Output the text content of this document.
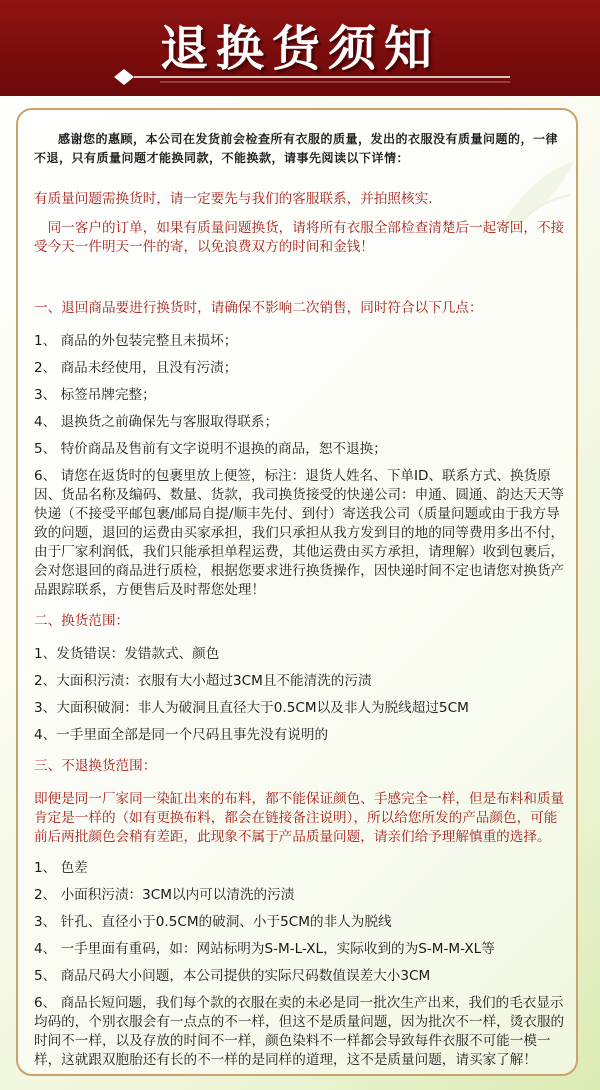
退换货须知

感谢您的惠顾，本公司在发货前会检查所有衣服的质量，发出的衣服没有质量问题的，一律不退，只有质量问题才能换同款，不能换款，请事先阅读以下详情：

有质量问题需换货时，请一定要先与我们的客服联系，并拍照核实.

同一客户的订单，如果有质量问题换货，请将所有衣服全部检查清楚后一起寄回，不接受今天一件明天一件的寄，以免浪费双方的时间和金钱！

一、退回商品要进行换货时，请确保不影响二次销售，同时符合以下几点：

1、 商品的外包装完整且未损坏；

2、 商品未经使用，且没有污渍；

3、 标签吊牌完整；

4、 退换货之前确保先与客服取得联系；

5、 特价商品及售前有文字说明不退换的商品，恕不退换；

6、 请您在返货时的包裹里放上便签，标注：退货人姓名、下单ID、联系方式、换货原因、货品名称及编码、数量、货款，我司换货接受的快递公司：申通、圆通、韵达天天等快递（不接受平邮包裹/邮局自提/顺丰先付、到付）寄送我公司（质量问题或由于我方导致的问题，退回的运费由买家承担，我们只承担从我方发到目的地的同等费用多出不付，由于厂家利润低，我们只能承担单程运费，其他运费由买方承担，请理解）收到包裹后，会对您退回的商品进行质检，根据您要求进行换货操作，因快递时间不定也请您对换货产品跟踪联系，方便售后及时帮您处理！

二、换货范围：

1、发货错误：发错款式、颜色

2、大面积污渍：衣服有大小超过3CM且不能清洗的污渍

3、大面积破洞：非人为破洞且直径大于0.5CM以及非人为脱线超过5CM

4、一手里面全部是同一个尺码且事先没有说明的

三、不退换货范围：

即便是同一厂家同一染缸出来的布料，都不能保证颜色、手感完全一样，但是布料和质量肯定是一样的（如有更换布料，都会在链接备注说明），所以给您所发的产品颜色，可能前后两批颜色会稍有差距，此现象不属于产品质量问题，请亲们给予理解慎重的选择。

1、 色差

2、 小面积污渍：3CM以内可以清洗的污渍

3、 针孔、直径小于0.5CM的破洞、小于5CM的非人为脱线

4、 一手里面有重码，如：网站标明为S-M-L-XL，实际收到的为S-M-M-XL等

5、 商品尺码大小问题，本公司提供的实际尺码数值误差大小3CM

6、 商品长短问题，我们每个款的衣服在卖的未必是同一批次生产出来，我们的毛衣显示均码的，个别衣服会有一点点的不一样，但这不是质量问题，因为批次不一样，烫衣服的时间不一样，以及存放的时间不一样，颜色染料不一样都会导致每件衣服不可能一模一样，这就跟双胞胎还有长的不一样的是同样的道理，这不是质量问题，请买家了解！
